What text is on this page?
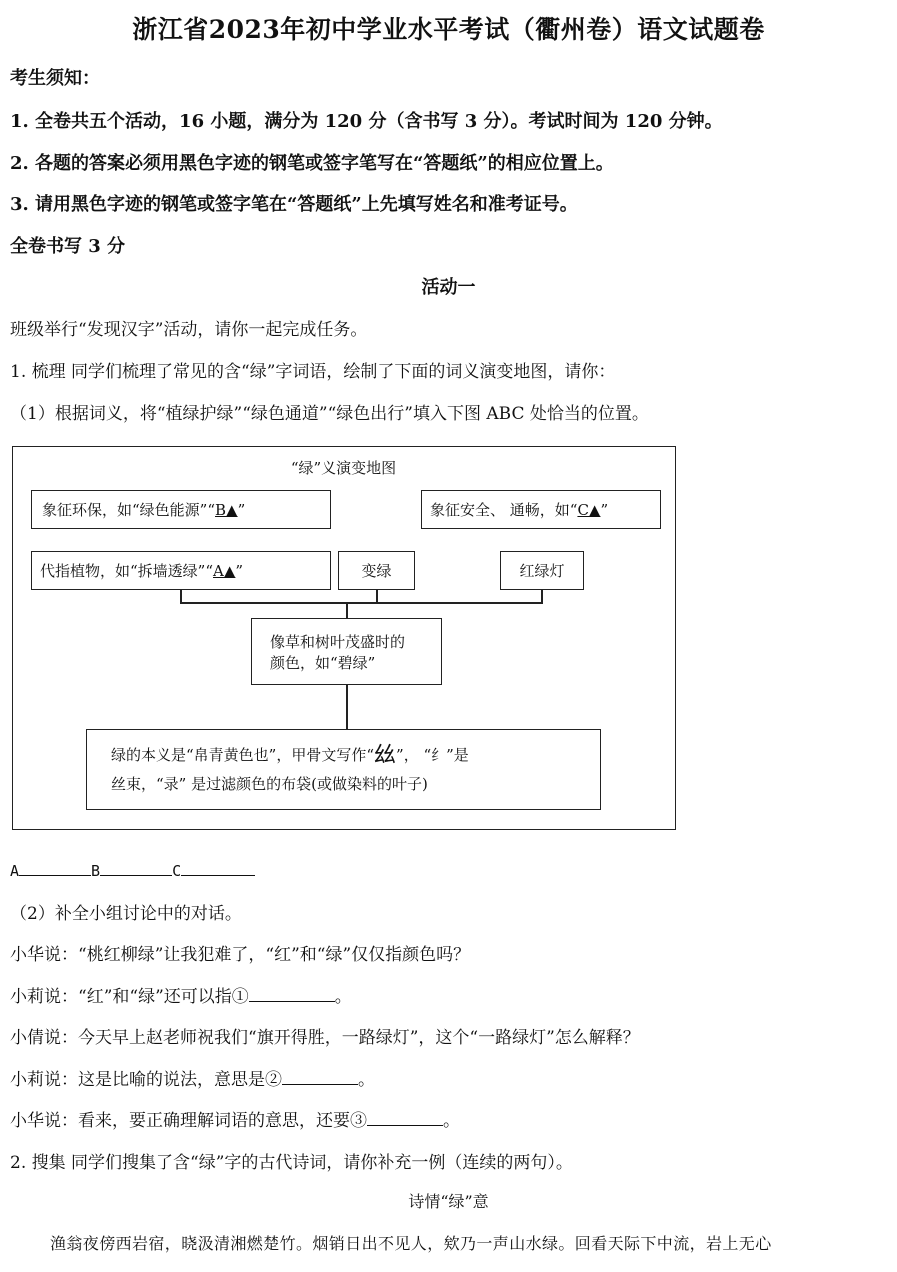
浙江省2023年初中学业水平考试（衢州卷）语文试题卷
考生须知：
1. 全卷共五个活动，16 小题，满分为 120 分（含书写 3 分）。考试时间为 120 分钟。
2. 各题的答案必须用黑色字迹的钢笔或签字笔写在“答题纸”的相应位置上。
3. 请用黑色字迹的钢笔或签字笔在“答题纸”上先填写姓名和准考证号。
全卷书写 3 分
活动一
班级举行“发现汉字”活动，请你一起完成任务。
1. 梳理 同学们梳理了常见的含“绿”字词语，绘制了下面的词义演变地图，请你：
（1）根据词义，将“植绿护绿”“绿色通道”“绿色出行”填入下图 ABC 处恰当的位置。
“绿”义演变地图
象征环保，如“绿色能源”“ B▲ ”	象征安全、 通畅，如“ C▲ ”
代指植物，如“拆墙透绿”“ A▲ ”	变绿	红绿灯
像草和树叶茂盛时的
颜色，如“碧绿”
绿的本义是“帛青黄色也”，甲骨文写作“𢆶”， “纟”是
丝束，“录” 是过滤颜色的布袋(或做染料的叶子)
A	B	C
（2）补全小组讨论中的对话。
小华说：“桃红柳绿”让我犯难了，“红”和“绿”仅仅指颜色吗？
小莉说：“红”和“绿”还可以指①	。
小倩说：今天早上赵老师祝我们“旗开得胜，一路绿灯”，这个“一路绿灯”怎么解释？
小莉说：这是比喻的说法，意思是②	。
小华说：看来，要正确理解词语的意思，还要③	。
2. 搜集 同学们搜集了含“绿”字的古代诗词，请你补充一例（连续的两句）。
诗情“绿”意
渔翁夜傍西岩宿，晓汲清湘燃楚竹。烟销日出不见人，欸乃一声山水绿。回看天际下中流，岩上无心
